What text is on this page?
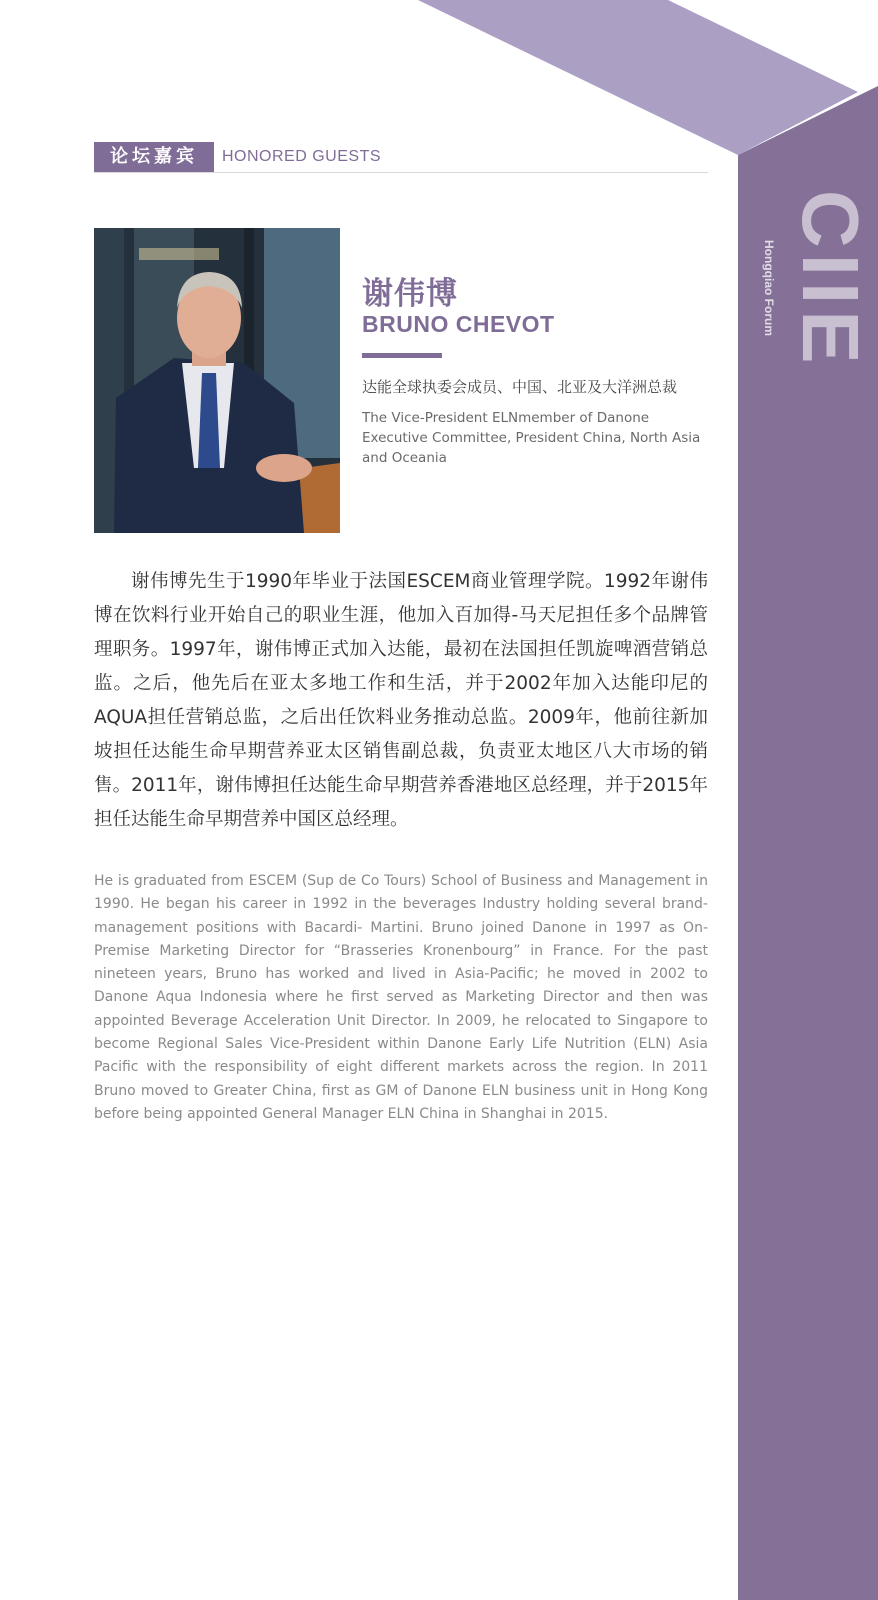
CIIE
Hongqiao Forum
论坛嘉宾	HONORED GUESTS
谢伟博
BRUNO CHEVOT
达能全球执委会成员、中国、北亚及大洋洲总裁
The Vice-President ELNmember of Danone Executive Committee, President China, North Asia and Oceania

谢伟博先生于1990年毕业于法国ESCEM商业管理学院。1992年谢伟博在饮料行业开始自己的职业生涯，他加入百加得-马天尼担任多个品牌管理职务。1997年，谢伟博正式加入达能，最初在法国担任凯旋啤酒营销总监。之后，他先后在亚太多地工作和生活，并于2002年加入达能印尼的AQUA担任营销总监，之后出任饮料业务推动总监。2009年，他前往新加坡担任达能生命早期营养亚太区销售副总裁，负责亚太地区八大市场的销售。2011年，谢伟博担任达能生命早期营养香港地区总经理，并于2015年担任达能生命早期营养中国区总经理。

He is graduated from ESCEM (Sup de Co Tours) School of Business and Management in 1990. He began his career in 1992 in the beverages Industry holding several brand-management positions with Bacardi- Martini. Bruno joined Danone in 1997 as On-Premise Marketing Director for “Brasseries Kronenbourg” in France. For the past nineteen years, Bruno has worked and lived in Asia-Pacific; he moved in 2002 to Danone Aqua Indonesia where he first served as Marketing Director and then was appointed Beverage Acceleration Unit Director. In 2009, he relocated to Singapore to become Regional Sales Vice-President within Danone Early Life Nutrition (ELN) Asia Pacific with the responsibility of eight different markets across the region. In 2011 Bruno moved to Greater China, first as GM of Danone ELN business unit in Hong Kong before being appointed General Manager ELN China in Shanghai in 2015.
